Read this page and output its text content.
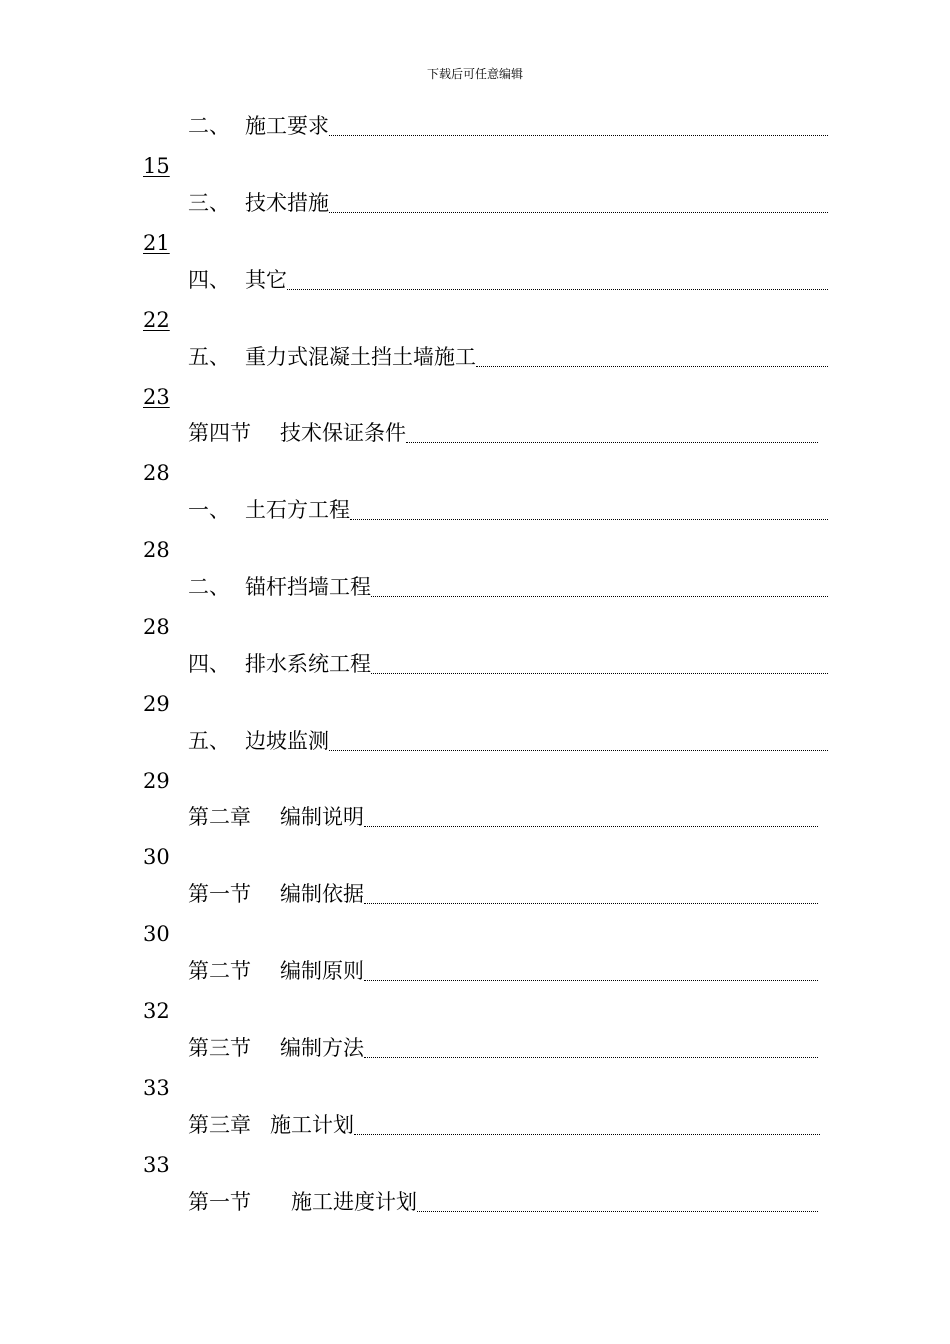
下载后可任意编辑
二、 施工要求
15
三、 技术措施
21
四、 其它
22
五、 重力式混凝土挡土墙施工
23
第四节 技术保证条件
28
一、 土石方工程
28
二、 锚杆挡墙工程
28
四、 排水系统工程
29
五、 边坡监测
29
第二章 编制说明
30
第一节 编制依据
30
第二节 编制原则
32
第三节 编制方法
33
第三章 施工计划
33
第一节 施工进度计划
